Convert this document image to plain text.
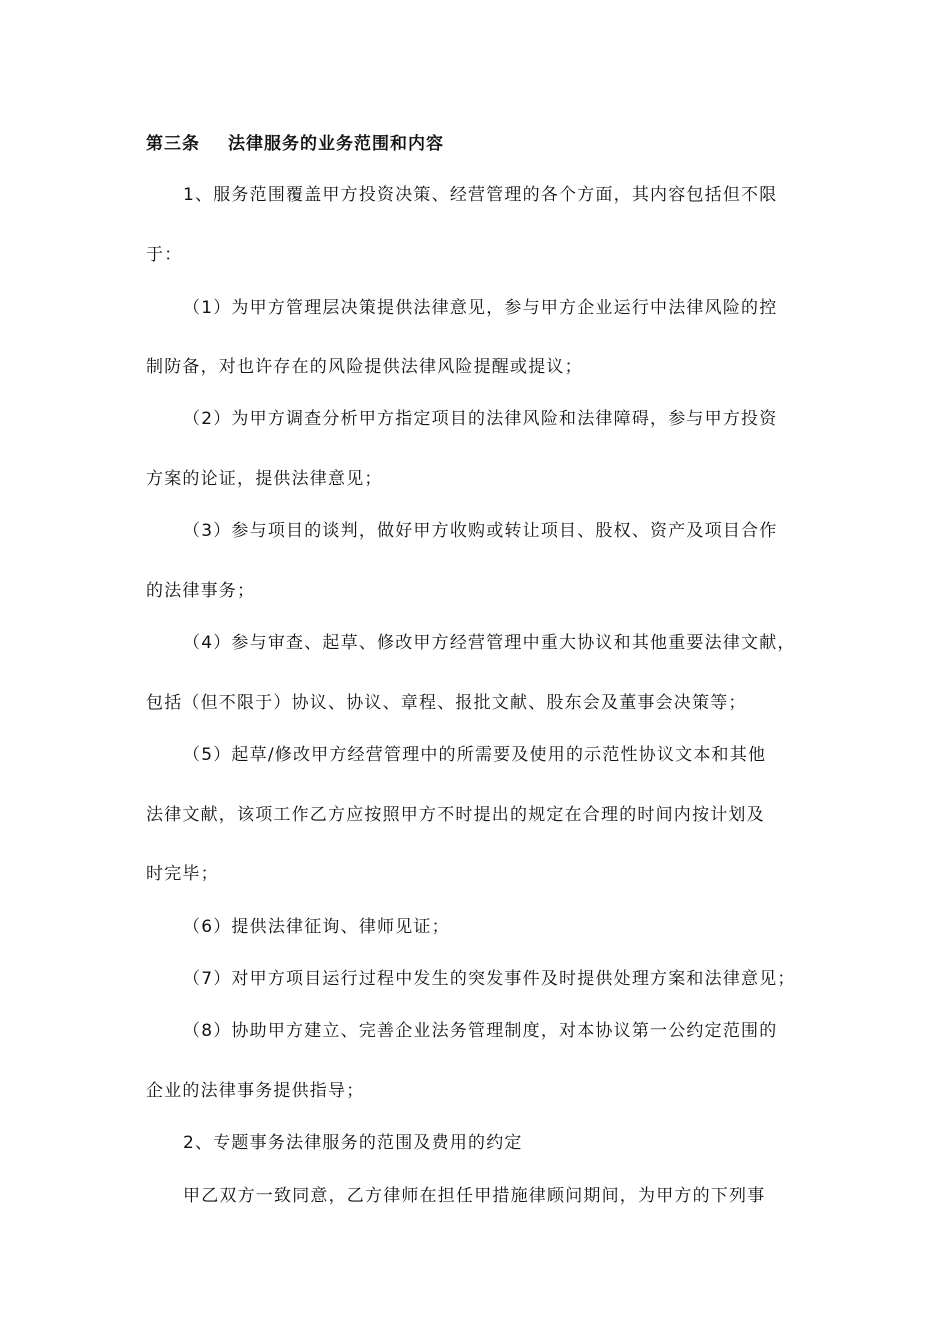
第三条 法律服务的业务范围和内容
1、服务范围覆盖甲方投资决策、经营管理的各个方面，其内容包括但不限
于：
（1）为甲方管理层决策提供法律意见，参与甲方企业运行中法律风险的控
制防备，对也许存在的风险提供法律风险提醒或提议；
（2）为甲方调查分析甲方指定项目的法律风险和法律障碍，参与甲方投资
方案的论证，提供法律意见；
（3）参与项目的谈判，做好甲方收购或转让项目、股权、资产及项目合作
的法律事务；
（4）参与审查、起草、修改甲方经营管理中重大协议和其他重要法律文献，
包括（但不限于）协议、协议、章程、报批文献、股东会及董事会决策等；
（5）起草/修改甲方经营管理中的所需要及使用的示范性协议文本和其他
法律文献，该项工作乙方应按照甲方不时提出的规定在合理的时间内按计划及
时完毕；
（6）提供法律征询、律师见证；
（7）对甲方项目运行过程中发生的突发事件及时提供处理方案和法律意见；
（8）协助甲方建立、完善企业法务管理制度，对本协议第一公约定范围的
企业的法律事务提供指导；
2、专题事务法律服务的范围及费用的约定
甲乙双方一致同意，乙方律师在担任甲措施律顾问期间，为甲方的下列事
